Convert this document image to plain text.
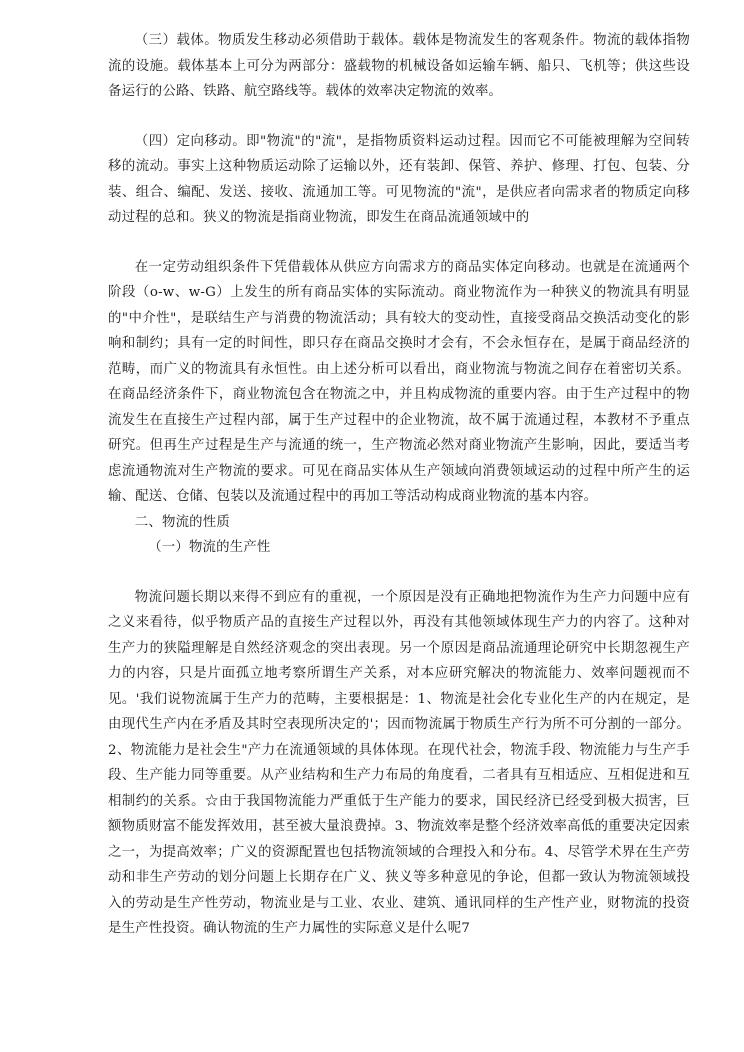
（三）载体。物质发生移动必须借助于载体。载体是物流发生的客观条件。物流的载体指物流的设施。载体基本上可分为两部分：盛载物的机械设备如运输车辆、船只、飞机等；供这些设备运行的公路、铁路、航空路线等。载体的效率决定物流的效率。

（四）定向移动。即"物流"的"流"，是指物质资料运动过程。因而它不可能被理解为空间转移的流动。事实上这种物质运动除了运输以外，还有装卸、保管、养护、修理、打包、包装、分装、组合、编配、发送、接收、流通加工等。可见物流的"流"，是供应者向需求者的物质定向移动过程的总和。狭义的物流是指商业物流，即发生在商品流通领域中的

在一定劳动组织条件下凭借载体从供应方向需求方的商品实体定向移动。也就是在流通两个阶段（o-w、w-G）上发生的所有商品实体的实际流动。商业物流作为一种狭义的物流具有明显的"中介性"，是联结生产与消费的物流活动；具有较大的变动性，直接受商品交换活动变化的影响和制约；具有一定的时间性，即只存在商品交换时才会有，不会永恒存在，是属于商品经济的范畴，而广义的物流具有永恒性。由上述分析可以看出，商业物流与物流之间存在着密切关系。在商品经济条件下，商业物流包含在物流之中，并且构成物流的重要内容。由于生产过程中的物流发生在直接生产过程内部，属于生产过程中的企业物流，故不属于流通过程，本教材不予重点研究。但再生产过程是生产与流通的统一，生产物流必然对商业物流产生影响，因此，要适当考虑流通物流对生产物流的要求。可见在商品实体从生产领域向消费领域运动的过程中所产生的运输、配送、仓储、包装以及流通过程中的再加工等活动构成商业物流的基本内容。

二、物流的性质

（一）物流的生产性

物流问题长期以来得不到应有的重视，一个原因是没有正确地把物流作为生产力问题中应有之义来看待，似乎物质产品的直接生产过程以外，再没有其他领域体现生产力的内容了。这种对生产力的狭隘理解是自然经济观念的突出表现。另一个原因是商品流通理论研究中长期忽视生产力的内容，只是片面孤立地考察所谓生产关系，对本应研究解决的物流能力、效率问题视而不见。'我们说物流属于生产力的范畴，主要根据是：1、物流是社会化专业化生产的内在规定，是由现代生产内在矛盾及其时空表现所决定的'；因而物流属于物质生产行为所不可分割的一部分。2、物流能力是社会生"产力在流通领域的具体体现。在现代社会，物流手段、物流能力与生产手段、生产能力同等重要。从产业结构和生产力布局的角度看，二者具有互相适应、互相促进和互相制约的关系。☆由于我国物流能力严重低于生产能力的要求，国民经济已经受到极大损害，巨额物质财富不能发挥效用，甚至被大量浪费掉。3、物流效率是整个经济效率高低的重要决定因索之一，为提高效率；广义的资源配置也包括物流领域的合理投入和分布。4、尽管学术界在生产劳动和非生产劳动的划分问题上长期存在广义、狭义等多种意见的争论，但都一致认为物流领域投入的劳动是生产性劳动，物流业是与工业、农业、建筑、通讯同样的生产性产业，财物流的投资是生产性投资。确认物流的生产力属性的实际意义是什么呢7
